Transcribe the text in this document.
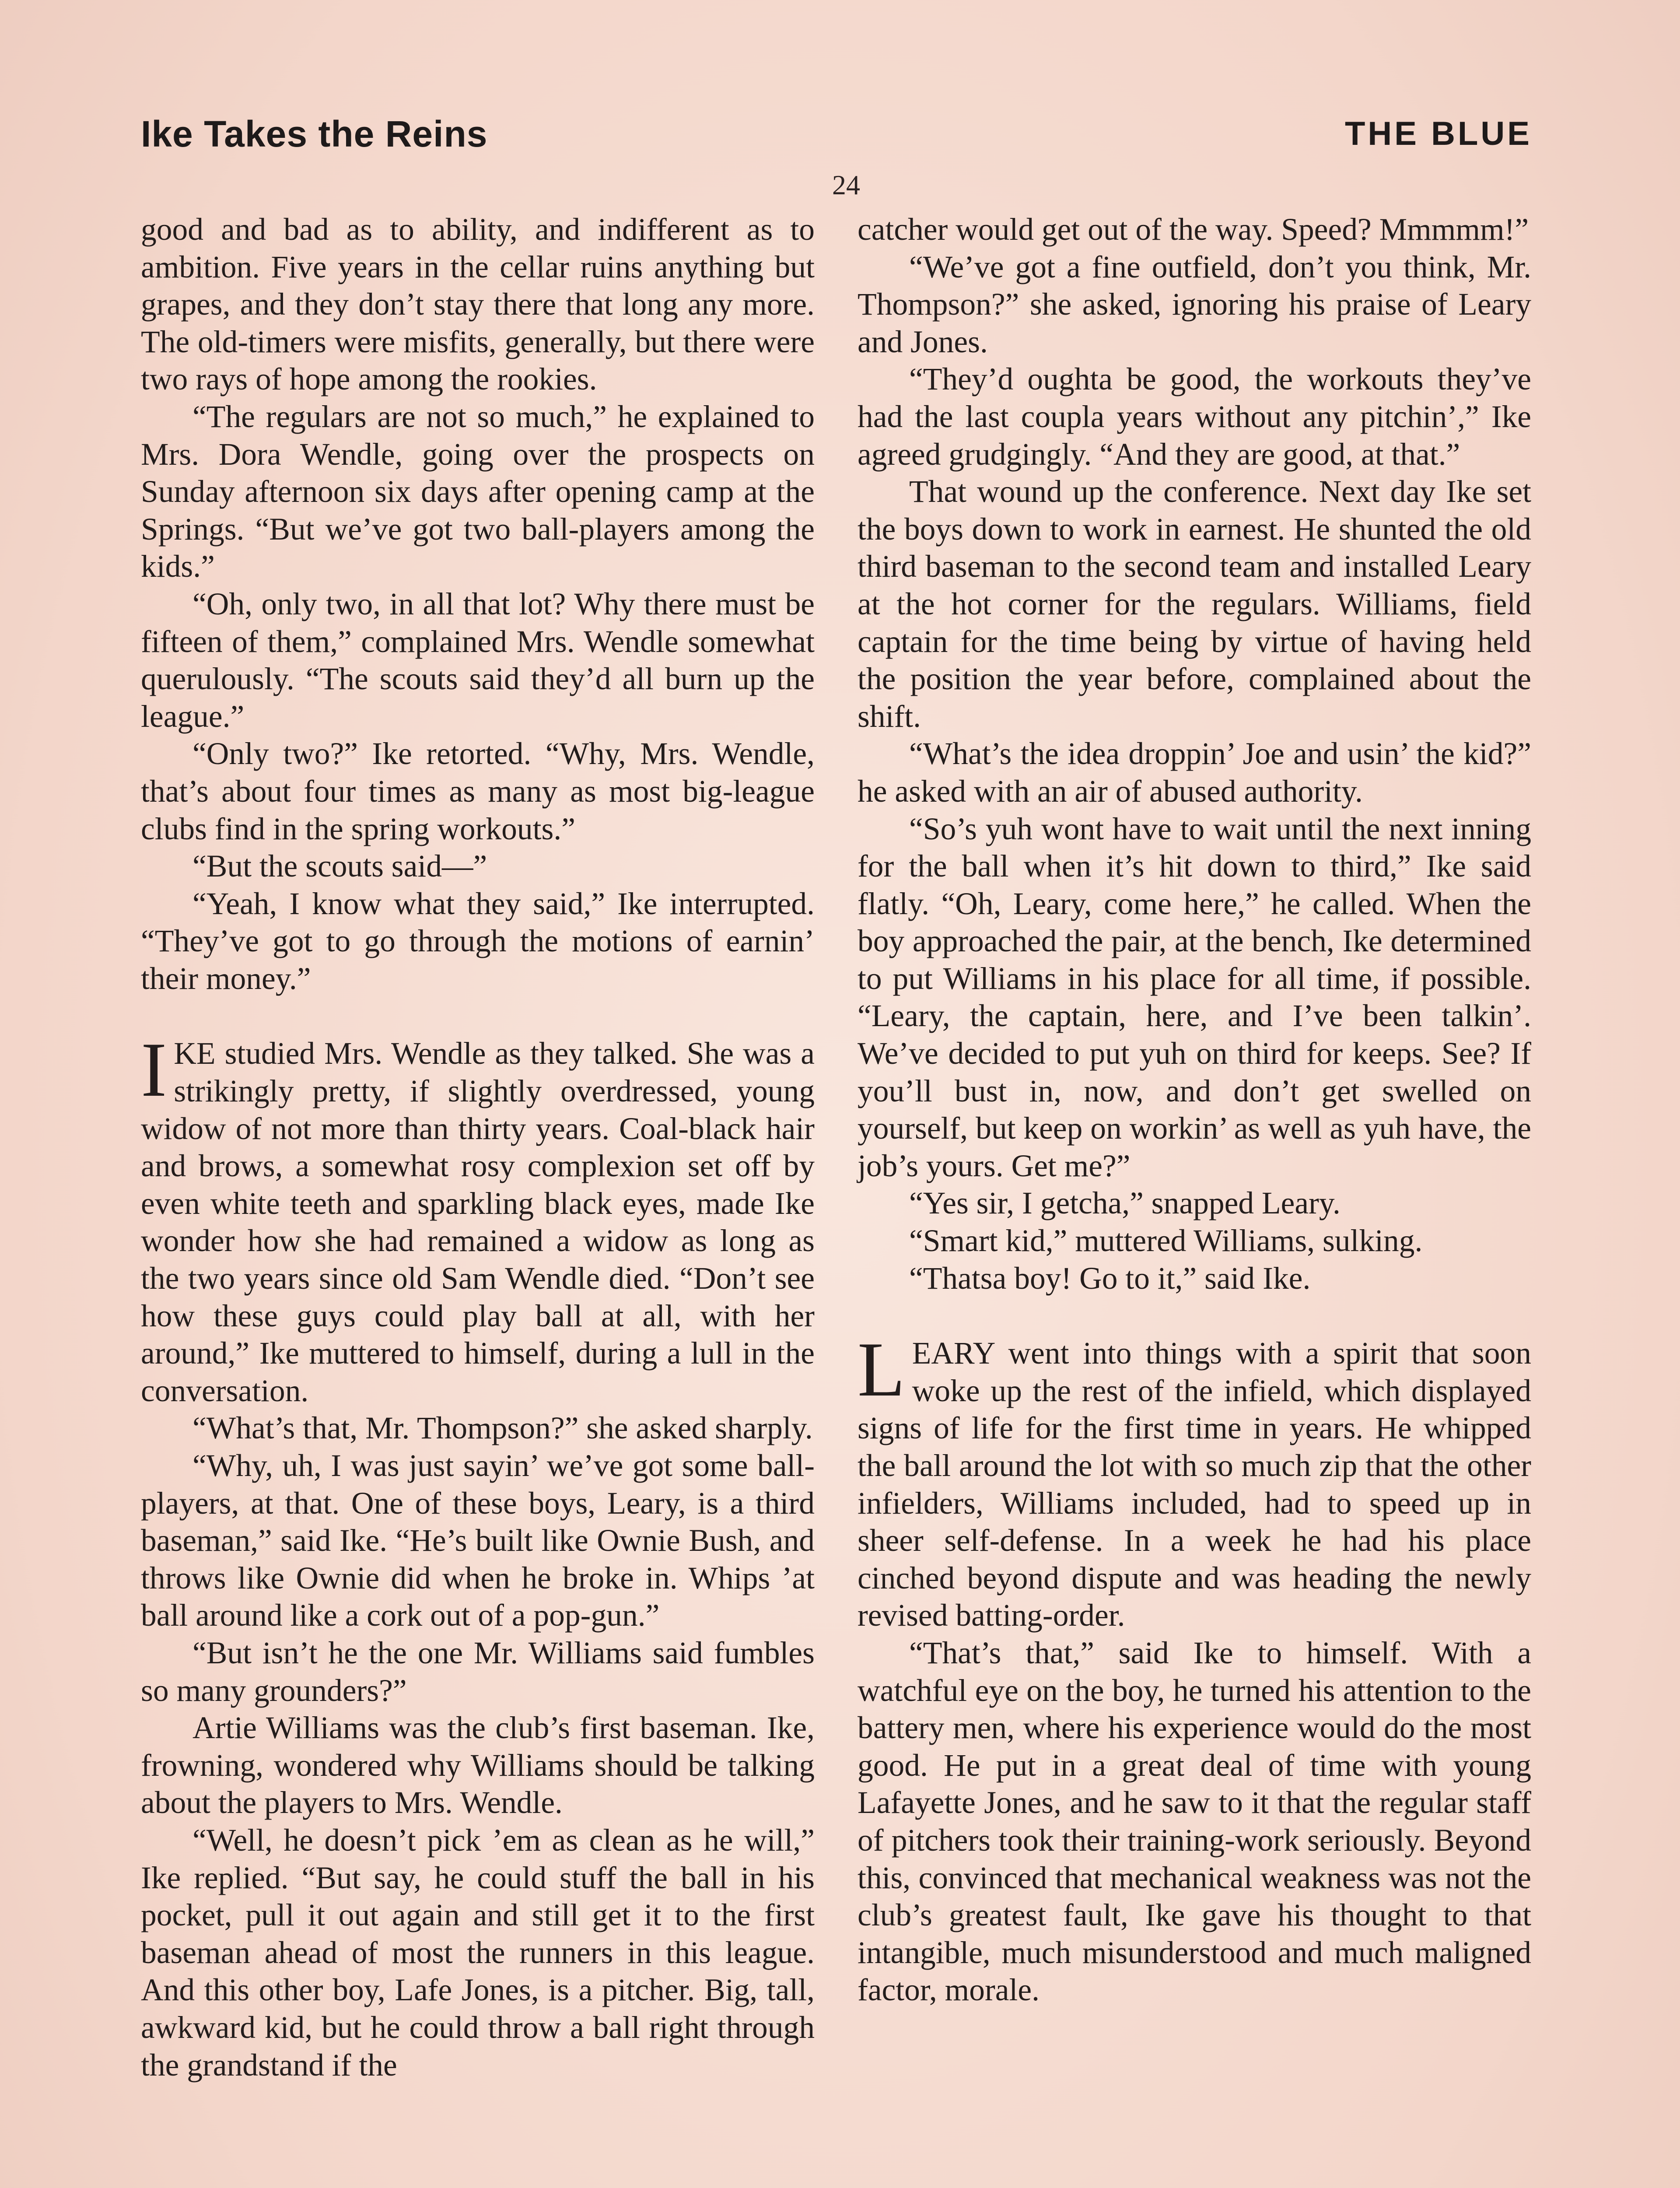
Ike Takes the Reins	THE BLUE
24

good and bad as to ability, and indifferent as to ambition. Five years in the cellar ruins anything but grapes, and they don’t stay there that long any more. The old-timers were misfits, generally, but there were two rays of hope among the rookies.

“The regulars are not so much,” he explained to Mrs. Dora Wendle, going over the prospects on Sunday afternoon six days after opening camp at the Springs. “But we’ve got two ball-players among the kids.”

“Oh, only two, in all that lot? Why there must be fifteen of them,” complained Mrs. Wendle somewhat querulously. “The scouts said they’d all burn up the league.”

“Only two?” Ike retorted. “Why, Mrs. Wendle, that’s about four times as many as most big-league clubs find in the spring workouts.”

“But the scouts said—”

“Yeah, I know what they said,” Ike interrupted. “They’ve got to go through the motions of earnin’ their money.”

IKE studied Mrs. Wendle as they talked. She was a strikingly pretty, if slightly overdressed, young widow of not more than thirty years. Coal-black hair and brows, a somewhat rosy complexion set off by even white teeth and sparkling black eyes, made Ike wonder how she had remained a widow as long as the two years since old Sam Wendle died. “Don’t see how these guys could play ball at all, with her around,” Ike muttered to himself, during a lull in the conversation.

“What’s that, Mr. Thompson?” she asked sharply.

“Why, uh, I was just sayin’ we’ve got some ball-players, at that. One of these boys, Leary, is a third baseman,” said Ike. “He’s built like Ownie Bush, and throws like Ownie did when he broke in. Whips ’at ball around like a cork out of a pop-gun.”

“But isn’t he the one Mr. Williams said fumbles so many grounders?”

Artie Williams was the club’s first baseman. Ike, frowning, wondered why Williams should be talking about the players to Mrs. Wendle.

“Well, he doesn’t pick ’em as clean as he will,” Ike replied. “But say, he could stuff the ball in his pocket, pull it out again and still get it to the first baseman ahead of most the runners in this league. And this other boy, Lafe Jones, is a pitcher. Big, tall, awkward kid, but he could throw a ball right through the grandstand if the

catcher would get out of the way. Speed? Mmmmm!”

“We’ve got a fine outfield, don’t you think, Mr. Thompson?” she asked, ignoring his praise of Leary and Jones.

“They’d oughta be good, the workouts they’ve had the last coupla years without any pitchin’,” Ike agreed grudgingly. “And they are good, at that.”

That wound up the conference. Next day Ike set the boys down to work in earnest. He shunted the old third baseman to the second team and installed Leary at the hot corner for the regulars. Williams, field captain for the time being by virtue of having held the position the year before, complained about the shift.

“What’s the idea droppin’ Joe and usin’ the kid?” he asked with an air of abused authority.

“So’s yuh wont have to wait until the next inning for the ball when it’s hit down to third,” Ike said flatly. “Oh, Leary, come here,” he called. When the boy approached the pair, at the bench, Ike determined to put Williams in his place for all time, if possible. “Leary, the captain, here, and I’ve been talkin’. We’ve decided to put yuh on third for keeps. See? If you’ll bust in, now, and don’t get swelled on yourself, but keep on workin’ as well as yuh have, the job’s yours. Get me?”

“Yes sir, I getcha,” snapped Leary.

“Smart kid,” muttered Williams, sulking.

“Thatsa boy! Go to it,” said Ike.

LEARY went into things with a spirit that soon woke up the rest of the infield, which displayed signs of life for the first time in years. He whipped the ball around the lot with so much zip that the other infielders, Williams included, had to speed up in sheer self-defense. In a week he had his place cinched beyond dispute and was heading the newly revised batting-order.

“That’s that,” said Ike to himself. With a watchful eye on the boy, he turned his attention to the battery men, where his experience would do the most good. He put in a great deal of time with young Lafayette Jones, and he saw to it that the regular staff of pitchers took their training-work seriously. Beyond this, convinced that mechanical weakness was not the club’s greatest fault, Ike gave his thought to that intangible, much misunderstood and much maligned factor, morale.
